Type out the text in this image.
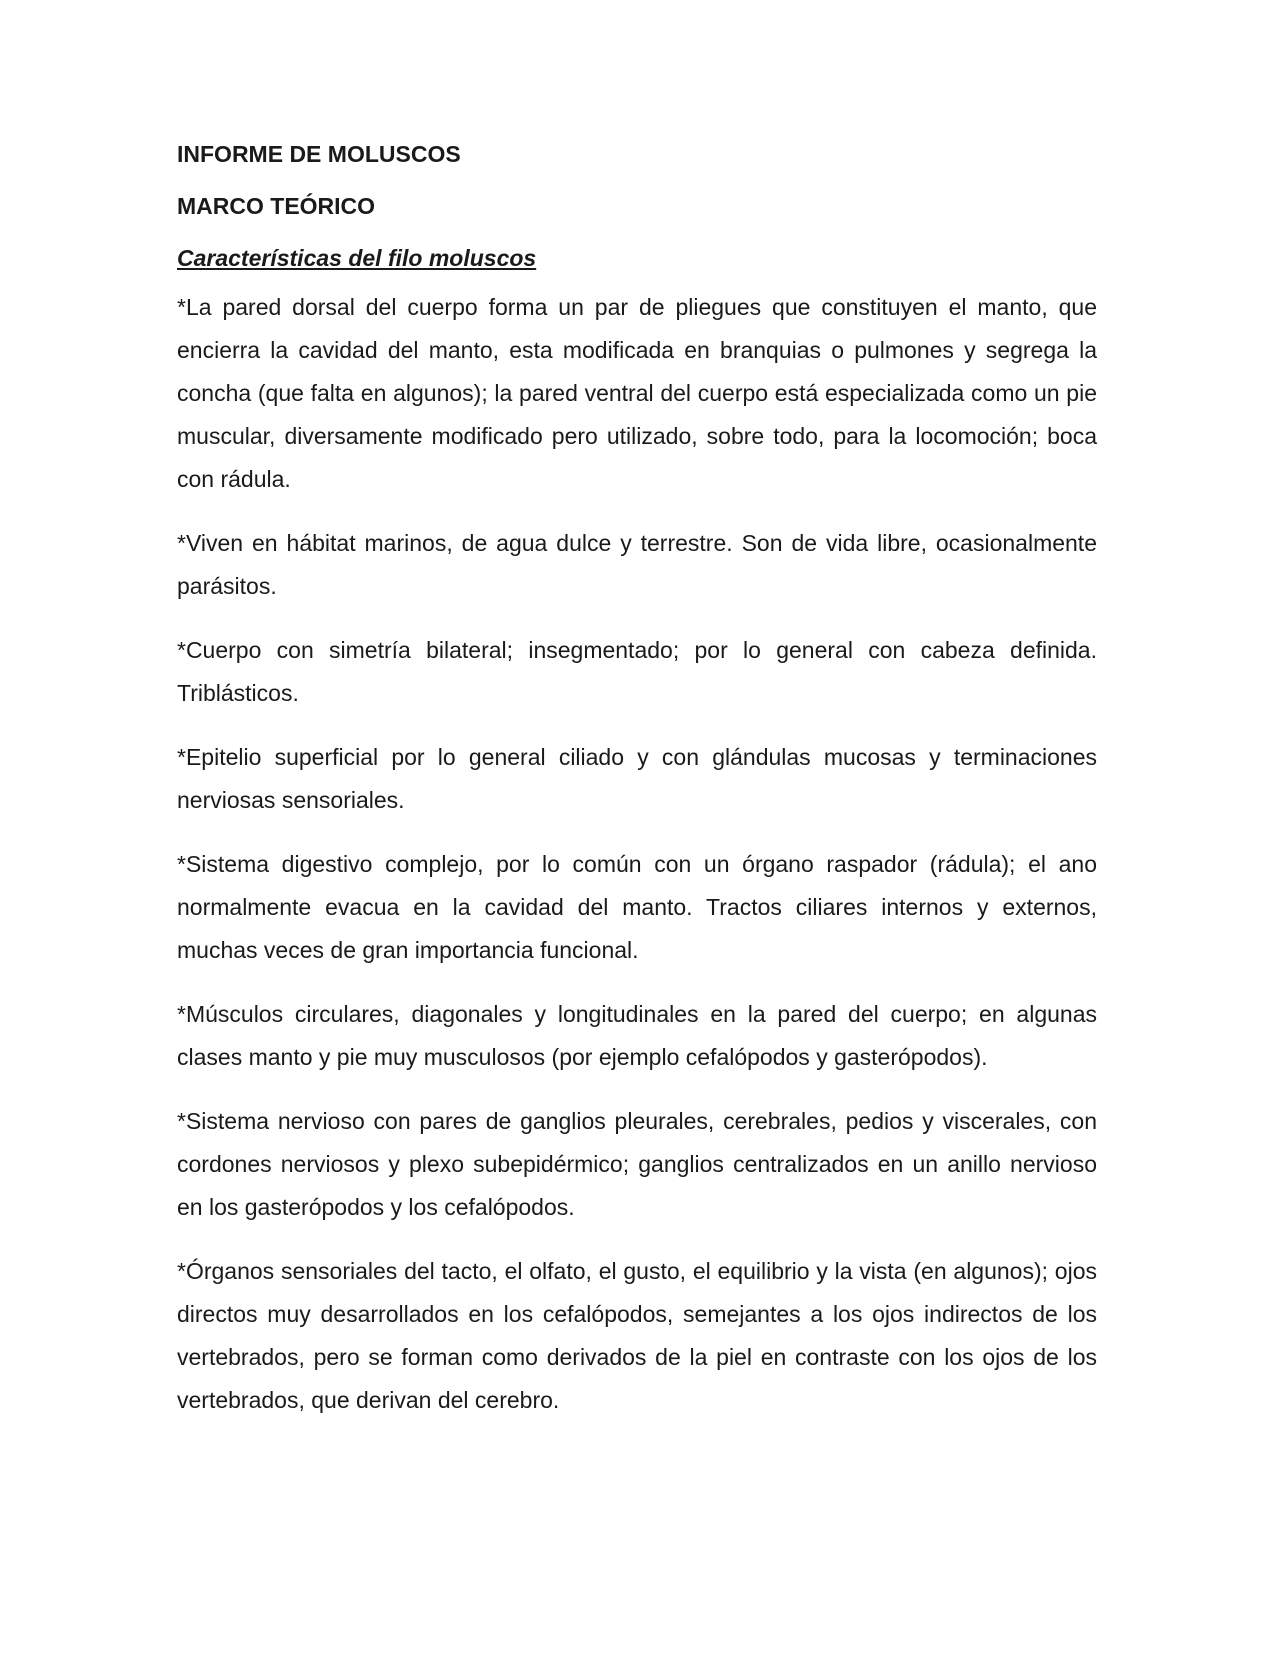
INFORME DE MOLUSCOS
MARCO TEÓRICO
Características del filo moluscos

*La pared dorsal del cuerpo forma un par de pliegues que constituyen el manto, que encierra la cavidad del manto, esta modificada en branquias o pulmones y segrega la concha (que falta en algunos); la pared ventral del cuerpo está especializada como un pie muscular, diversamente modificado pero utilizado, sobre todo, para la locomoción; boca con rádula.

*Viven en hábitat marinos, de agua dulce y terrestre. Son de vida libre, ocasionalmente parásitos.

*Cuerpo con simetría bilateral; insegmentado; por lo general con cabeza definida. Triblásticos.

*Epitelio superficial por lo general ciliado y con glándulas mucosas y terminaciones nerviosas sensoriales.

*Sistema digestivo complejo, por lo común con un órgano raspador (rádula); el ano normalmente evacua en la cavidad del manto. Tractos ciliares internos y externos, muchas veces de gran importancia funcional.

*Músculos circulares, diagonales y longitudinales en la pared del cuerpo; en algunas clases manto y pie muy musculosos (por ejemplo cefalópodos y gasterópodos).

*Sistema nervioso con pares de ganglios pleurales, cerebrales, pedios y viscerales, con cordones nerviosos y plexo subepidérmico; ganglios centralizados en un anillo nervioso en los gasterópodos y los cefalópodos.

*Órganos sensoriales del tacto, el olfato, el gusto, el equilibrio y la vista (en algunos); ojos directos muy desarrollados en los cefalópodos, semejantes a los ojos indirectos de los vertebrados, pero se forman como derivados de la piel en contraste con los ojos de los vertebrados, que derivan del cerebro.
